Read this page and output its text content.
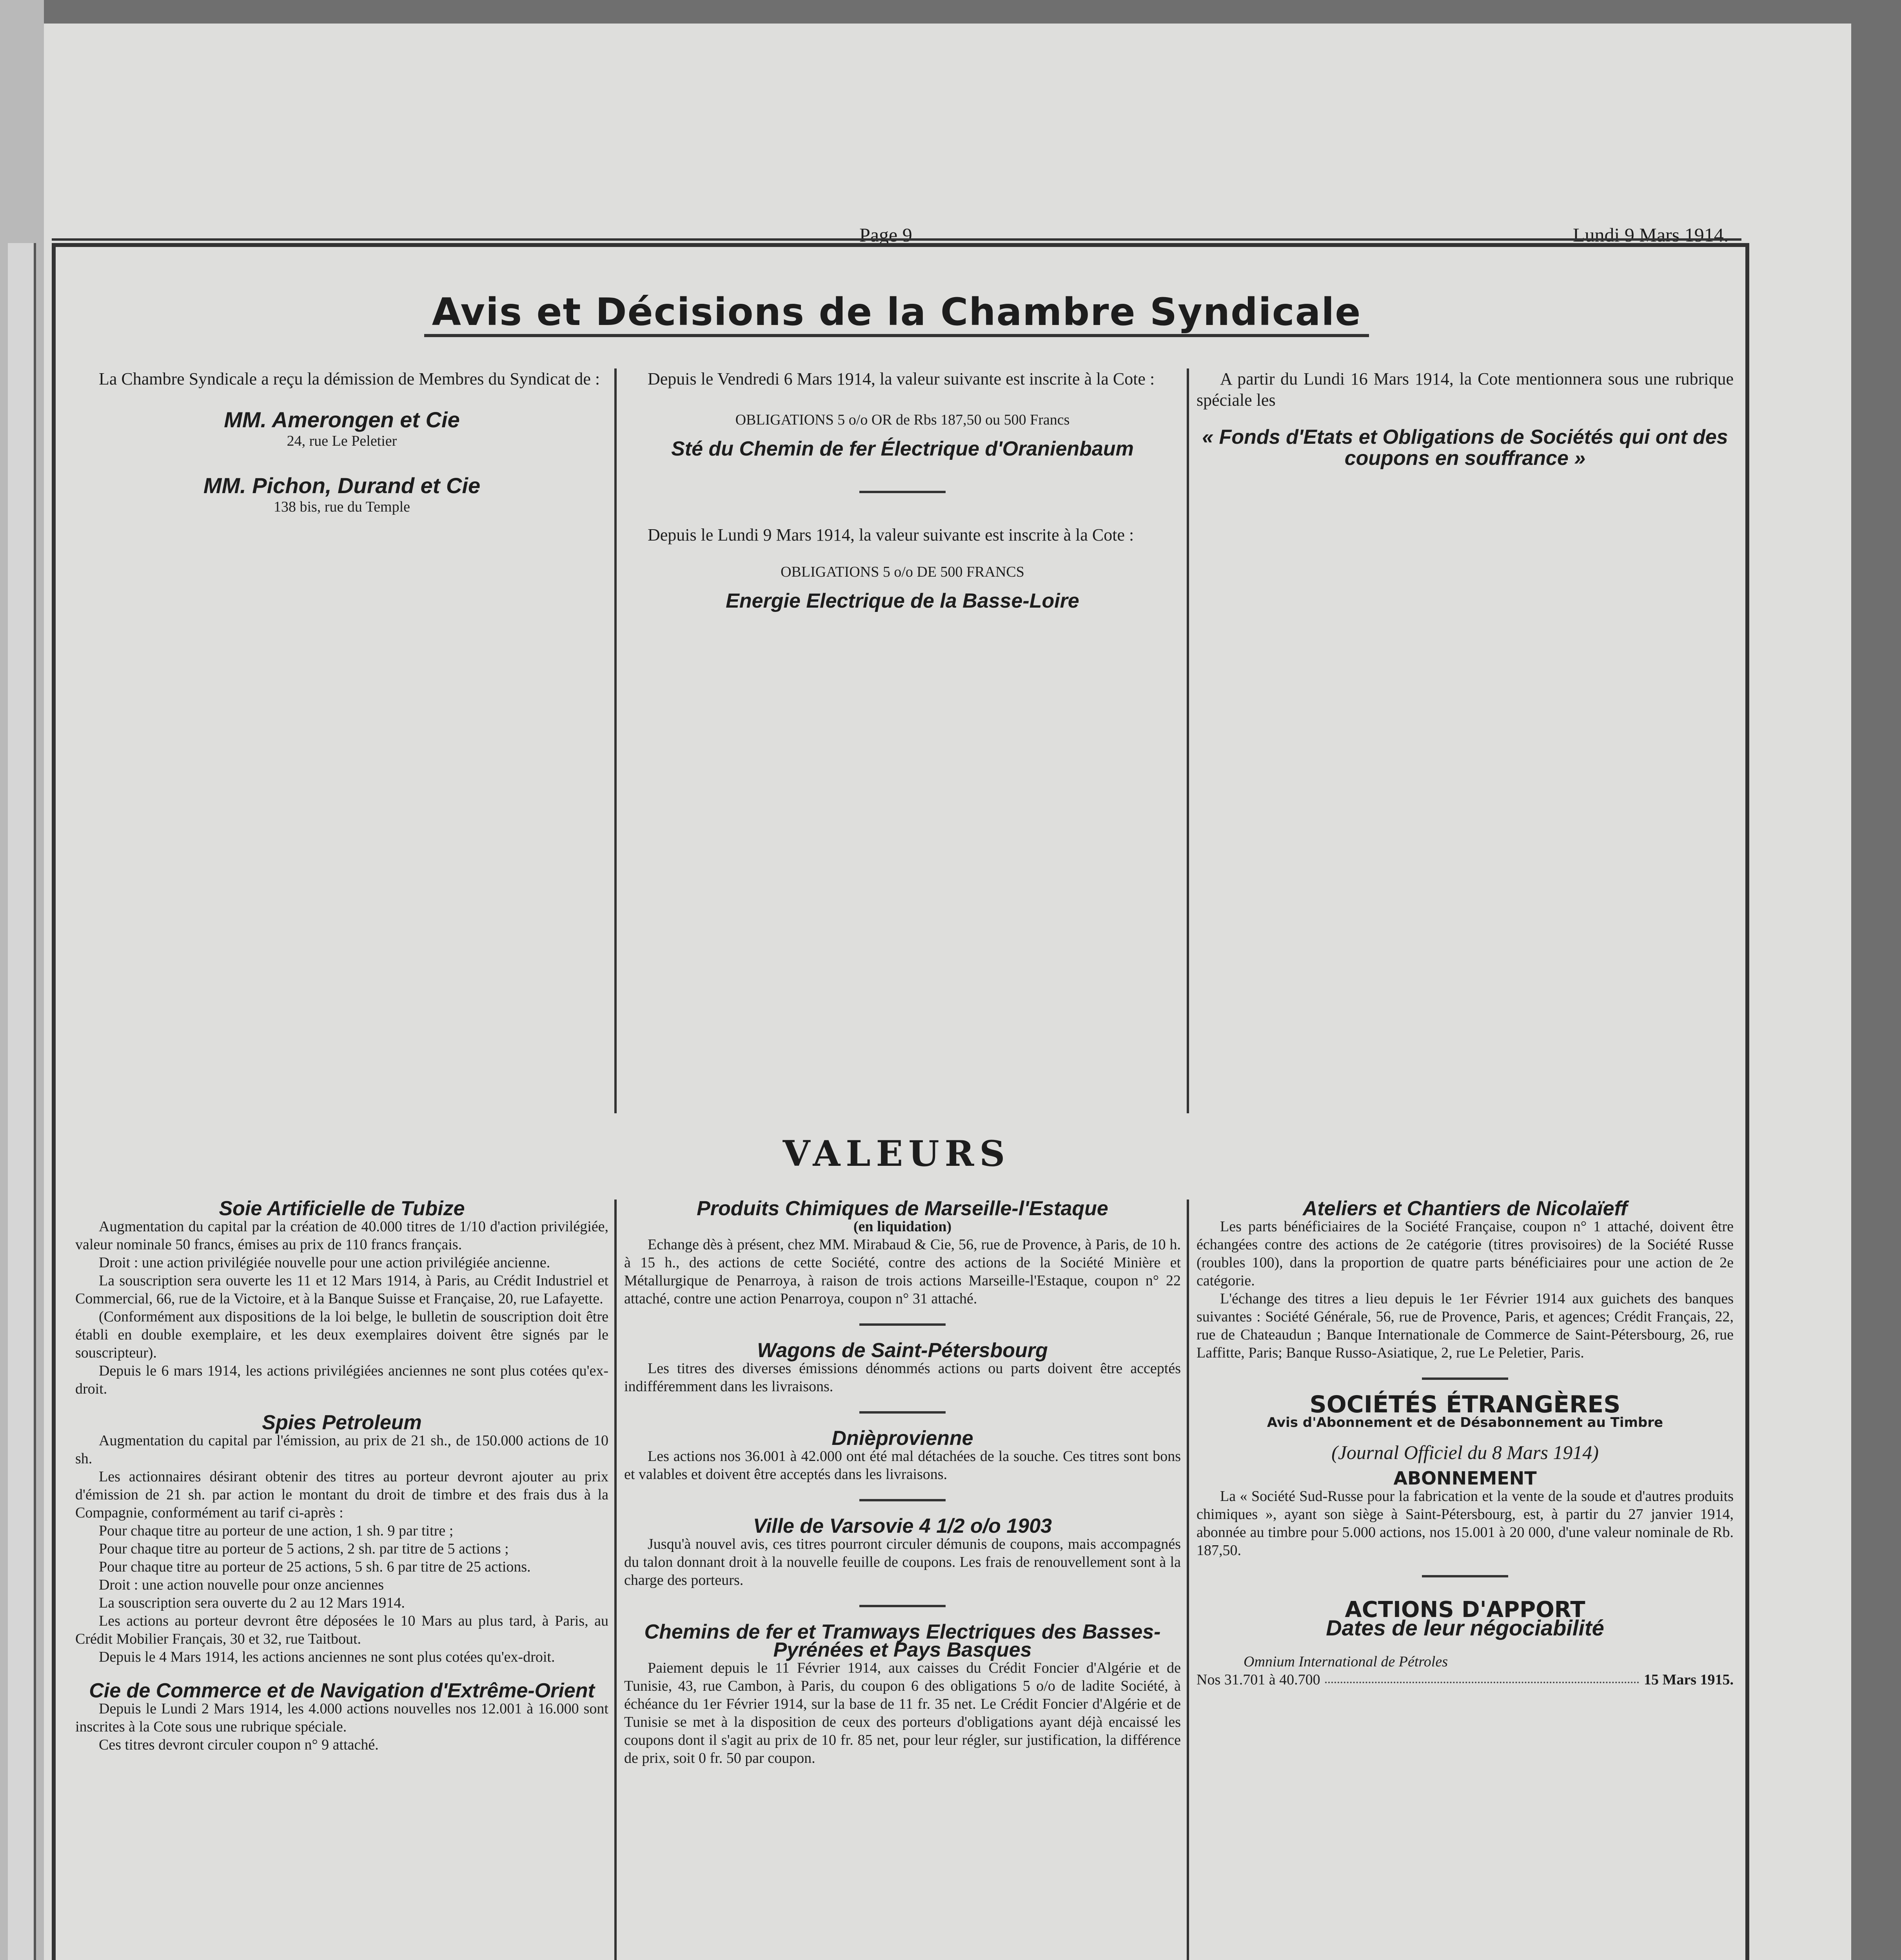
Page 9	Lundi 9 Mars 1914.
Avis et Décisions de la Chambre Syndicale

La Chambre Syndicale a reçu la démission de Membres du Syndicat de :

MM. Amerongen et Cie
24, rue Le Peletier
MM. Pichon, Durand et Cie
138 bis, rue du Temple

Depuis le Vendredi 6 Mars 1914, la valeur suivante est inscrite à la Cote :

OBLIGATIONS 5 o/o OR de Rbs 187,50 ou 500 Francs
Sté du Chemin de fer Électrique d'Oranienbaum

Depuis le Lundi 9 Mars 1914, la valeur suivante est inscrite à la Cote :

OBLIGATIONS 5 o/o DE 500 FRANCS
Energie Electrique de la Basse-Loire

A partir du Lundi 16 Mars 1914, la Cote mentionnera sous une rubrique spéciale les

« Fonds d'Etats et Obligations de Sociétés qui ont des coupons en souffrance »
VALEURS
Soie Artificielle de Tubize

Augmentation du capital par la création de 40.000 titres de 1/10 d'action privilégiée, valeur nominale 50 francs, émises au prix de 110 francs français.

Droit : une action privilégiée nouvelle pour une action privilégiée ancienne.

La souscription sera ouverte les 11 et 12 Mars 1914, à Paris, au Crédit Industriel et Commercial, 66, rue de la Victoire, et à la Banque Suisse et Française, 20, rue Lafayette.

(Conformément aux dispositions de la loi belge, le bulletin de souscription doit être établi en double exemplaire, et les deux exemplaires doivent être signés par le souscripteur).

Depuis le 6 mars 1914, les actions privilégiées anciennes ne sont plus cotées qu'ex-droit.

Spies Petroleum

Augmentation du capital par l'émission, au prix de 21 sh., de 150.000 actions de 10 sh.

Les actionnaires désirant obtenir des titres au porteur devront ajouter au prix d'émission de 21 sh. par action le montant du droit de timbre et des frais dus à la Compagnie, conformément au tarif ci-après :

Pour chaque titre au porteur de une action, 1 sh. 9 par titre ;

Pour chaque titre au porteur de 5 actions, 2 sh. par titre de 5 actions ;

Pour chaque titre au porteur de 25 actions, 5 sh. 6 par titre de 25 actions.

Droit : une action nouvelle pour onze anciennes

La souscription sera ouverte du 2 au 12 Mars 1914.

Les actions au porteur devront être déposées le 10 Mars au plus tard, à Paris, au Crédit Mobilier Français, 30 et 32, rue Taitbout.

Depuis le 4 Mars 1914, les actions anciennes ne sont plus cotées qu'ex-droit.

Cie de Commerce et de Navigation d'Extrême-Orient

Depuis le Lundi 2 Mars 1914, les 4.000 actions nouvelles nos 12.001 à 16.000 sont inscrites à la Cote sous une rubrique spéciale.

Ces titres devront circuler coupon n° 9 attaché.

Produits Chimiques de Marseille-l'Estaque
(en liquidation)

Echange dès à présent, chez MM. Mirabaud & Cie, 56, rue de Provence, à Paris, de 10 h. à 15 h., des actions de cette Société, contre des actions de la Société Minière et Métallurgique de Penarroya, à raison de trois actions Marseille-l'Estaque, coupon n° 22 attaché, contre une action Penarroya, coupon n° 31 attaché.

Wagons de Saint-Pétersbourg

Les titres des diverses émissions dénommés actions ou parts doivent être acceptés indifféremment dans les livraisons.

Dnièprovienne

Les actions nos 36.001 à 42.000 ont été mal détachées de la souche. Ces titres sont bons et valables et doivent être acceptés dans les livraisons.

Ville de Varsovie 4 1/2 o/o 1903

Jusqu'à nouvel avis, ces titres pourront circuler démunis de coupons, mais accompagnés du talon donnant droit à la nouvelle feuille de coupons. Les frais de renouvellement sont à la charge des porteurs.

Chemins de fer et Tramways Electriques des Basses-Pyrénées et Pays Basques

Paiement depuis le 11 Février 1914, aux caisses du Crédit Foncier d'Algérie et de Tunisie, 43, rue Cambon, à Paris, du coupon 6 des obligations 5 o/o de ladite Société, à échéance du 1er Février 1914, sur la base de 11 fr. 35 net. Le Crédit Foncier d'Algérie et de Tunisie se met à la disposition de ceux des porteurs d'obligations ayant déjà encaissé les coupons dont il s'agit au prix de 10 fr. 85 net, pour leur régler, sur justification, la différence de prix, soit 0 fr. 50 par coupon.

Ateliers et Chantiers de Nicolaïeff

Les parts bénéficiaires de la Société Française, coupon n° 1 attaché, doivent être échangées contre des actions de 2e catégorie (titres provisoires) de la Société Russe (roubles 100), dans la proportion de quatre parts bénéficiaires pour une action de 2e catégorie.

L'échange des titres a lieu depuis le 1er Février 1914 aux guichets des banques suivantes : Société Générale, 56, rue de Provence, Paris, et agences; Crédit Français, 22, rue de Chateaudun ; Banque Internationale de Commerce de Saint-Pétersbourg, 26, rue Laffitte, Paris; Banque Russo-Asiatique, 2, rue Le Peletier, Paris.

SOCIÉTÉS ÉTRANGÈRES
Avis d'Abonnement et de Désabonnement au Timbre
(Journal Officiel du 8 Mars 1914)
ABONNEMENT

La « Société Sud-Russe pour la fabrication et la vente de la soude et d'autres produits chimiques », ayant son siège à Saint-Pétersbourg, est, à partir du 27 janvier 1914, abonnée au timbre pour 5.000 actions, nos 15.001 à 20 000, d'une valeur nominale de Rb. 187,50.

ACTIONS D'APPORT
Dates de leur négociabilité
Omnium International de Pétroles
Nos 31.701 à 40.700	15 Mars 1915.
